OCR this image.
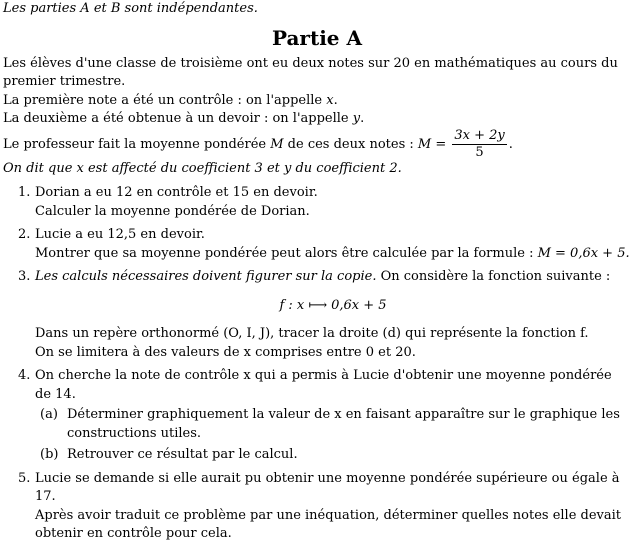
Les parties A et B sont indépendantes.

Partie A

Les élèves d'une classe de troisième ont eu deux notes sur 20 en mathématiques au cours du premier trimestre.

La première note a été un contrôle : on l'appelle x.

La deuxième a été obtenue à un devoir : on l'appelle y.

Le professeur fait la moyenne pondérée M de ces deux notes : $M = \frac{3x + 2y}{5}$ .

On dit que x est affecté du coefficient 3 et y du coefficient 2.

1. Dorian a eu 12 en contrôle et 15 en devoir.
Calculer la moyenne pondérée de Dorian.
2. Lucie a eu 12,5 en devoir.
Montrer que sa moyenne pondérée peut alors être calculée par la formule : M = 0,6x + 5.
3. Les calculs nécessaires doivent figurer sur la copie. On considère la fonction suivante :
f : x ⟼ 0,6x + 5
Dans un repère orthonormé (O, I, J), tracer la droite (d) qui représente la fonction f.
On se limitera à des valeurs de x comprises entre 0 et 20.
4. On cherche la note de contrôle x qui a permis à Lucie d'obtenir une moyenne pondérée de 14.
(a) Déterminer graphiquement la valeur de x en faisant apparaître sur le graphique les constructions utiles.
(b) Retrouver ce résultat par le calcul.
5. Lucie se demande si elle aurait pu obtenir une moyenne pondérée supérieure ou égale à 17.
Après avoir traduit ce problème par une inéquation, déterminer quelles notes elle devait obtenir en contrôle pour cela.
